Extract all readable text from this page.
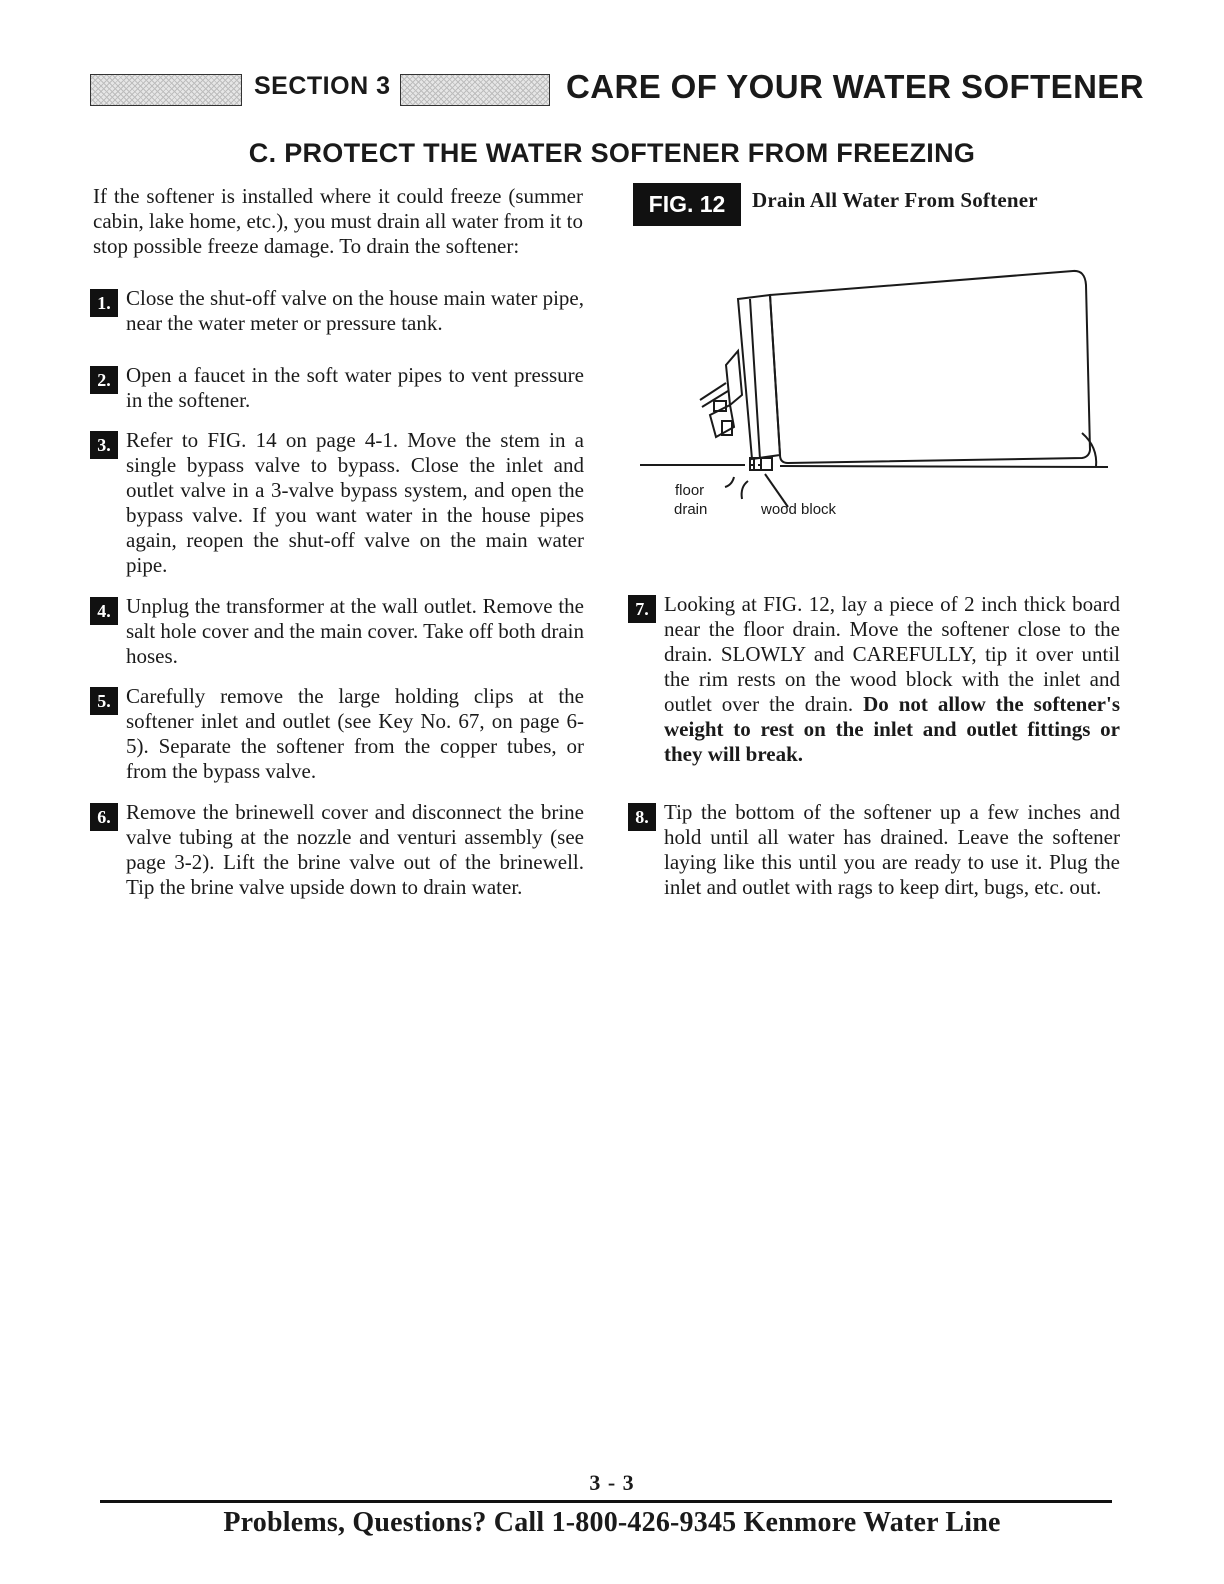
SECTION 3	CARE OF YOUR WATER SOFTENER
C. PROTECT THE WATER SOFTENER FROM FREEZING
If the softener is installed where it could freeze (summer cabin, lake home, etc.), you must drain all water from it to stop possible freeze damage. To drain the softener:
1. Close the shut-off valve on the house main water pipe, near the water meter or pressure tank.
2. Open a faucet in the soft water pipes to vent pressure in the softener.
3. Refer to FIG. 14 on page 4-1. Move the stem in a single bypass valve to bypass. Close the inlet and outlet valve in a 3-valve bypass system, and open the bypass valve. If you want water in the house pipes again, reopen the shut-off valve on the main water pipe.
4. Unplug the transformer at the wall outlet. Remove the salt hole cover and the main cover. Take off both drain hoses.
5. Carefully remove the large holding clips at the softener inlet and outlet (see Key No. 67, on page 6-5). Separate the softener from the copper tubes, or from the bypass valve.
6. Remove the brinewell cover and disconnect the brine valve tubing at the nozzle and venturi assembly (see page 3-2). Lift the brine valve out of the brinewell. Tip the brine valve upside down to drain water.
FIG. 12	Drain All Water From Softener
floor
drain	wood block
7. Looking at FIG. 12, lay a piece of 2 inch thick board near the floor drain. Move the softener close to the drain. SLOWLY and CAREFULLY, tip it over until the rim rests on the wood block with the inlet and outlet over the drain. Do not allow the softener's weight to rest on the inlet and outlet fittings or they will break.
8. Tip the bottom of the softener up a few inches and hold until all water has drained. Leave the softener laying like this until you are ready to use it. Plug the inlet and outlet with rags to keep dirt, bugs, etc. out.
3 - 3
Problems, Questions? Call 1-800-426-9345 Kenmore Water Line
